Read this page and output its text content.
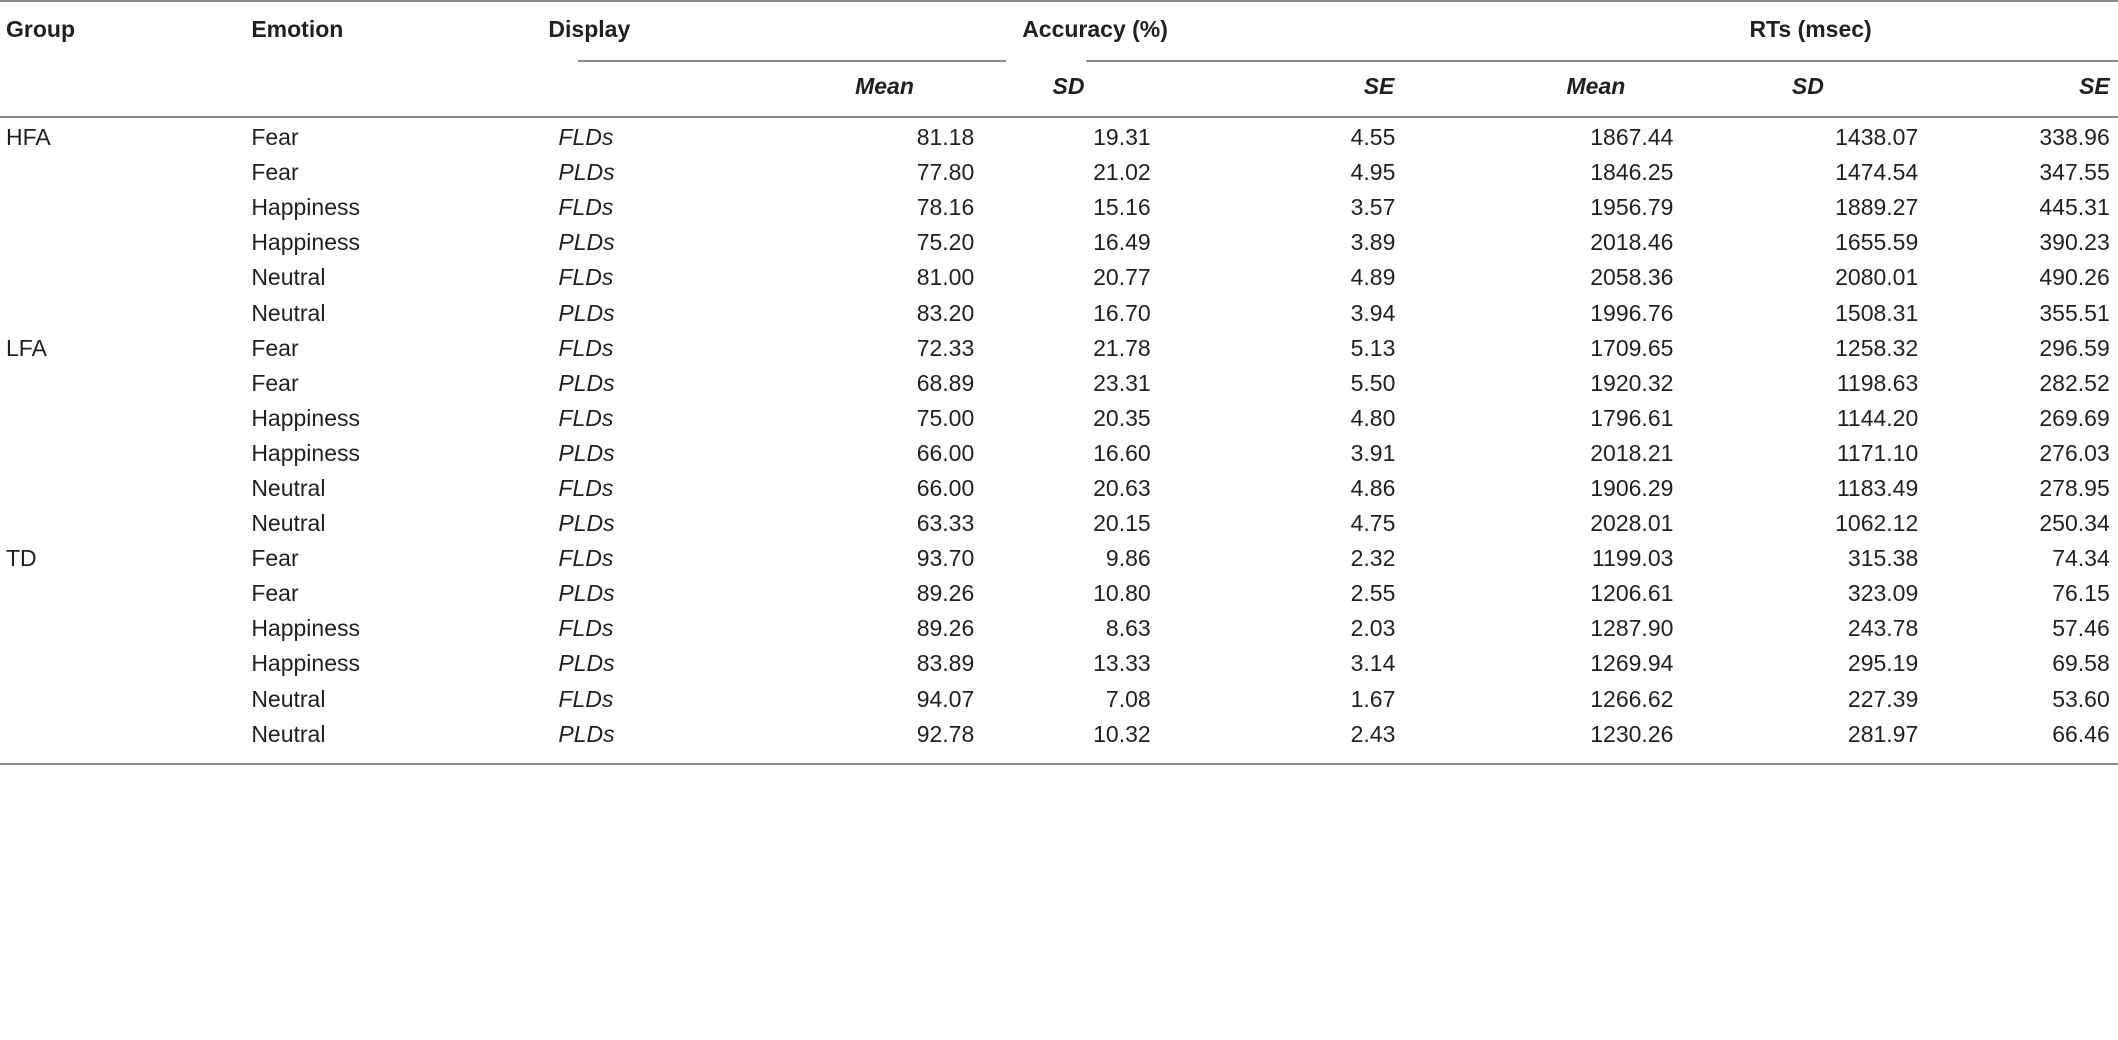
Group	Emotion	Display	Accuracy (%)				RTs (msec)			
			Mean	SD	SE		Mean	SD	SE	
HFA	Fear	FLDs	81.18	19.31	4.55		1867.44	1438.07	338.96	
	Fear	PLDs	77.80	21.02	4.95		1846.25	1474.54	347.55	
	Happiness	FLDs	78.16	15.16	3.57		1956.79	1889.27	445.31	
	Happiness	PLDs	75.20	16.49	3.89		2018.46	1655.59	390.23	
	Neutral	FLDs	81.00	20.77	4.89		2058.36	2080.01	490.26	
	Neutral	PLDs	83.20	16.70	3.94		1996.76	1508.31	355.51	
LFA	Fear	FLDs	72.33	21.78	5.13		1709.65	1258.32	296.59	
	Fear	PLDs	68.89	23.31	5.50		1920.32	1198.63	282.52	
	Happiness	FLDs	75.00	20.35	4.80		1796.61	1144.20	269.69	
	Happiness	PLDs	66.00	16.60	3.91		2018.21	1171.10	276.03	
	Neutral	FLDs	66.00	20.63	4.86		1906.29	1183.49	278.95	
	Neutral	PLDs	63.33	20.15	4.75		2028.01	1062.12	250.34	
TD	Fear	FLDs	93.70	9.86	2.32		1199.03	315.38	74.34	
	Fear	PLDs	89.26	10.80	2.55		1206.61	323.09	76.15	
	Happiness	FLDs	89.26	8.63	2.03		1287.90	243.78	57.46	
	Happiness	PLDs	83.89	13.33	3.14		1269.94	295.19	69.58	
	Neutral	FLDs	94.07	7.08	1.67		1266.62	227.39	53.60	
	Neutral	PLDs	92.78	10.32	2.43		1230.26	281.97	66.46	
